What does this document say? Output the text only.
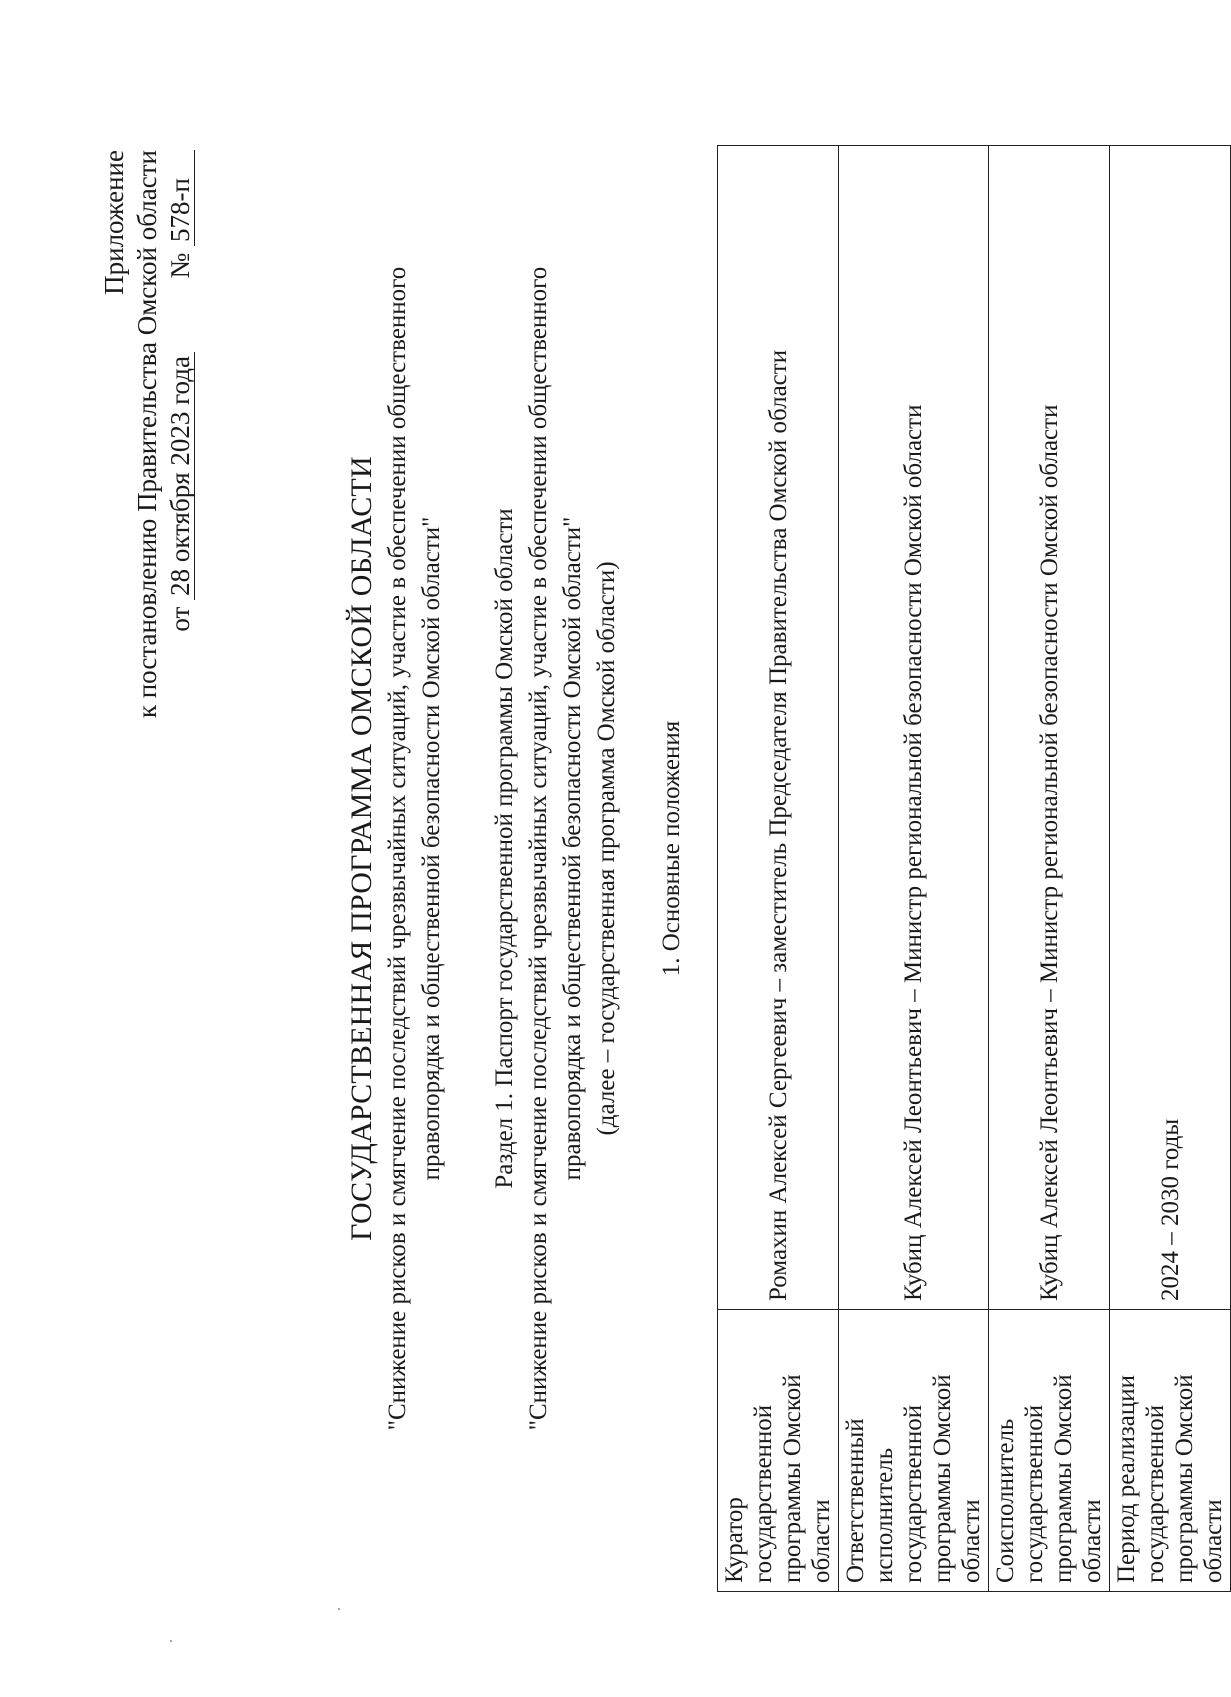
Приложение к постановлению Правительства Омской области от 28 октября 2023 года  № 578-п
ГОСУДАРСТВЕННАЯ ПРОГРАММА ОМСКОЙ ОБЛАСТИ "Снижение рисков и смягчение последствий чрезвычайных ситуаций, участие в обеспечении общественного правопорядка и общественной безопасности Омской области" Раздел 1. Паспорт государственной программы Омской области "Снижение рисков и смягчение последствий чрезвычайных ситуаций, участие в обеспечении общественного правопорядка и общественной безопасности Омской области" (далее – государственная программа Омской области) 1. Основные положения
Куратор государственной программы Омской области	Ромахин Алексей Сергеевич – заместитель Председателя Правительства Омской области
Ответственный исполнитель государственной программы Омской области	Кубиц Алексей Леонтьевич – Министр региональной безопасности Омской области
Соисполнитель государственной программы Омской области	Кубиц Алексей Леонтьевич – Министр региональной безопасности Омской области
Период реализации государственной программы Омской области	2024 – 2030 годы
